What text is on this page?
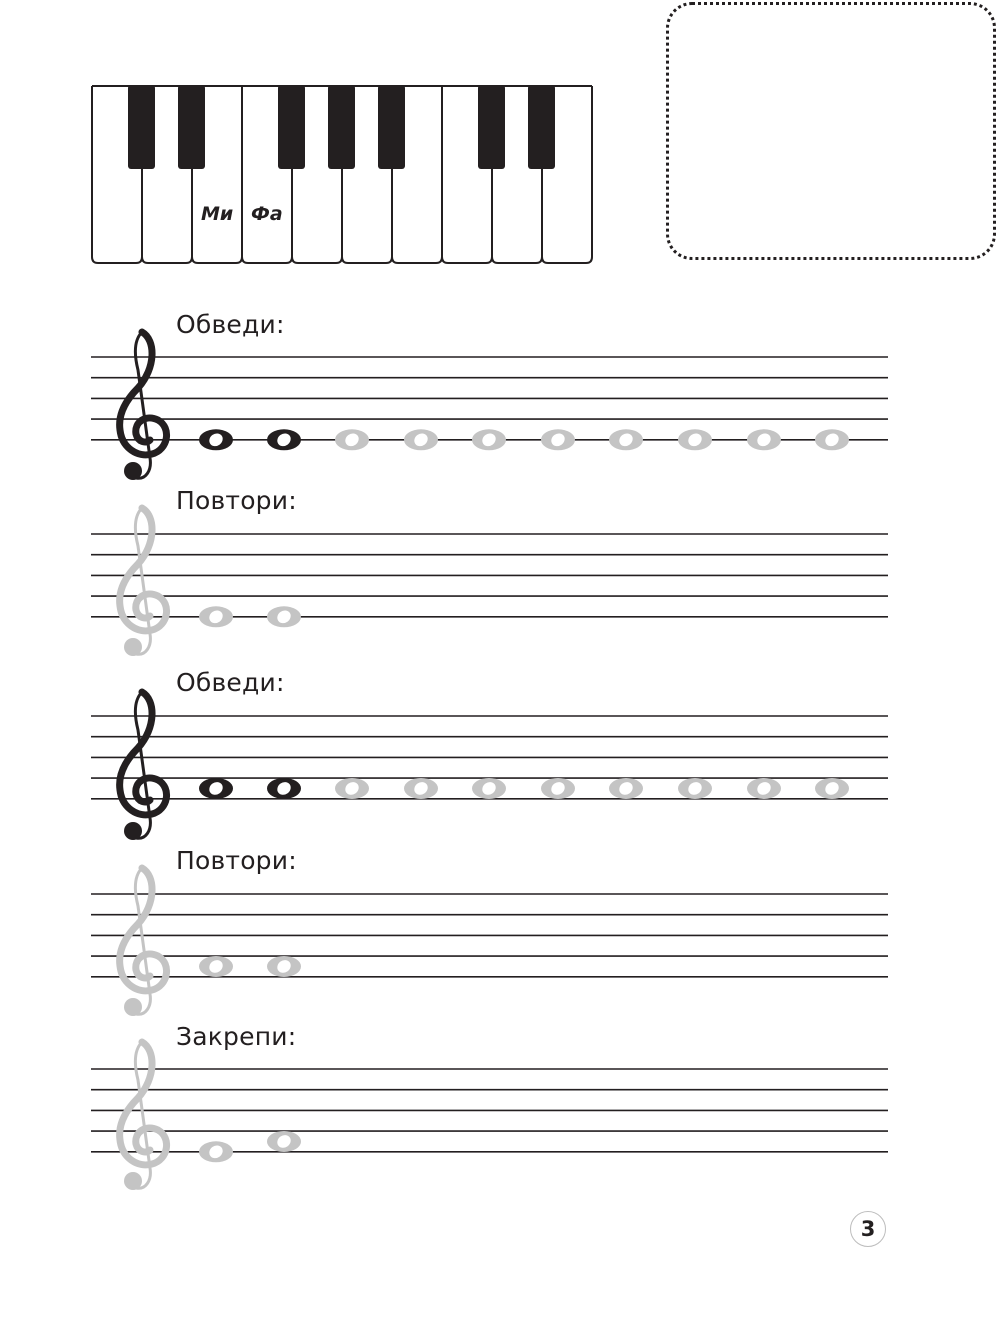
Ми Фа
Обведи:
Повтори:
Обведи:
Повтори:
Закрепи:
3
